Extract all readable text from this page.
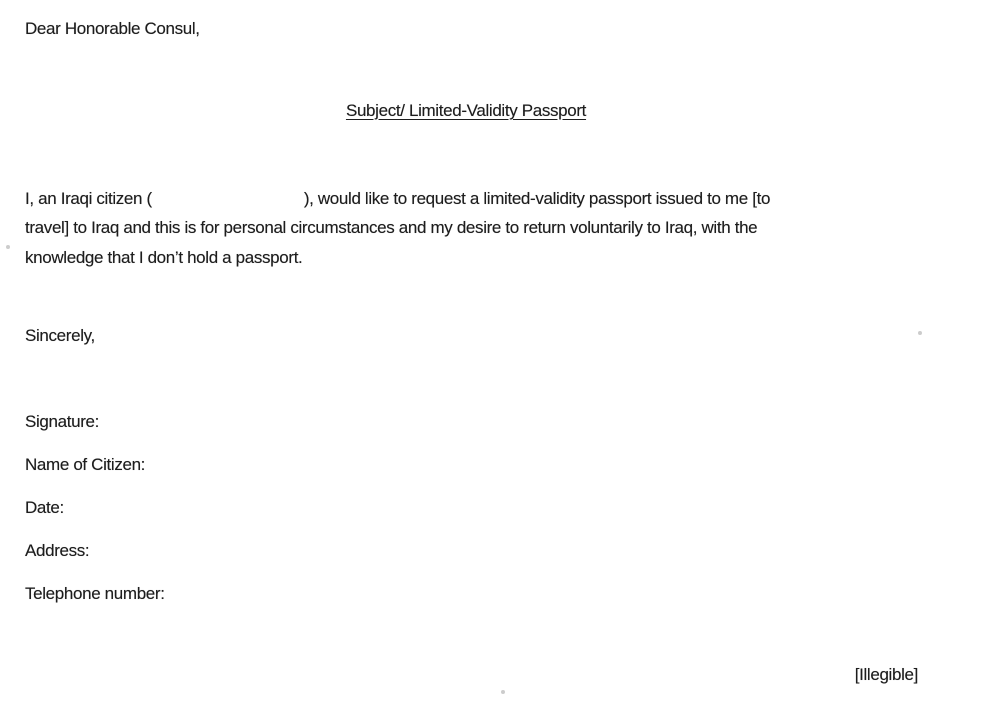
Dear Honorable Consul,
Subject/ Limited-Validity Passport
I, an Iraqi citizen (	), would like to request a limited-validity passport issued to me [to
travel] to Iraq and this is for personal circumstances and my desire to return voluntarily to Iraq, with the
knowledge that I don’t hold a passport.
Sincerely,
Signature:
Name of Citizen:
Date:
Address:
Telephone number:
[Illegible]
